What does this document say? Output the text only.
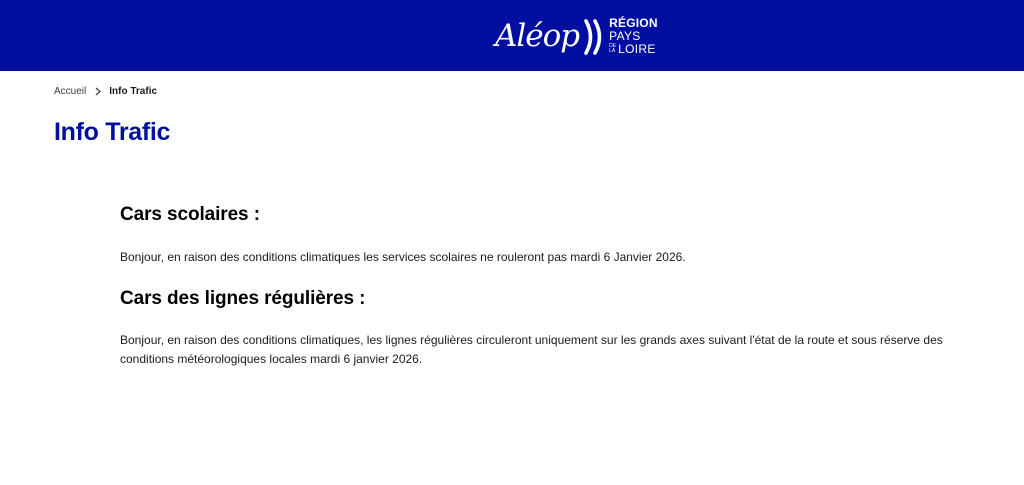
Aléop	RÉGION
PAYS
DE
LA LOIRE
Accueil Info Trafic
Info Trafic
Cars scolaires :

Bonjour, en raison des conditions climatiques les services scolaires ne rouleront pas mardi 6 Janvier 2026.

Cars des lignes régulières :

Bonjour, en raison des conditions climatiques, les lignes régulières circuleront uniquement sur les grands axes suivant l'état de la route et sous réserve des conditions météorologiques locales mardi 6 janvier 2026.
